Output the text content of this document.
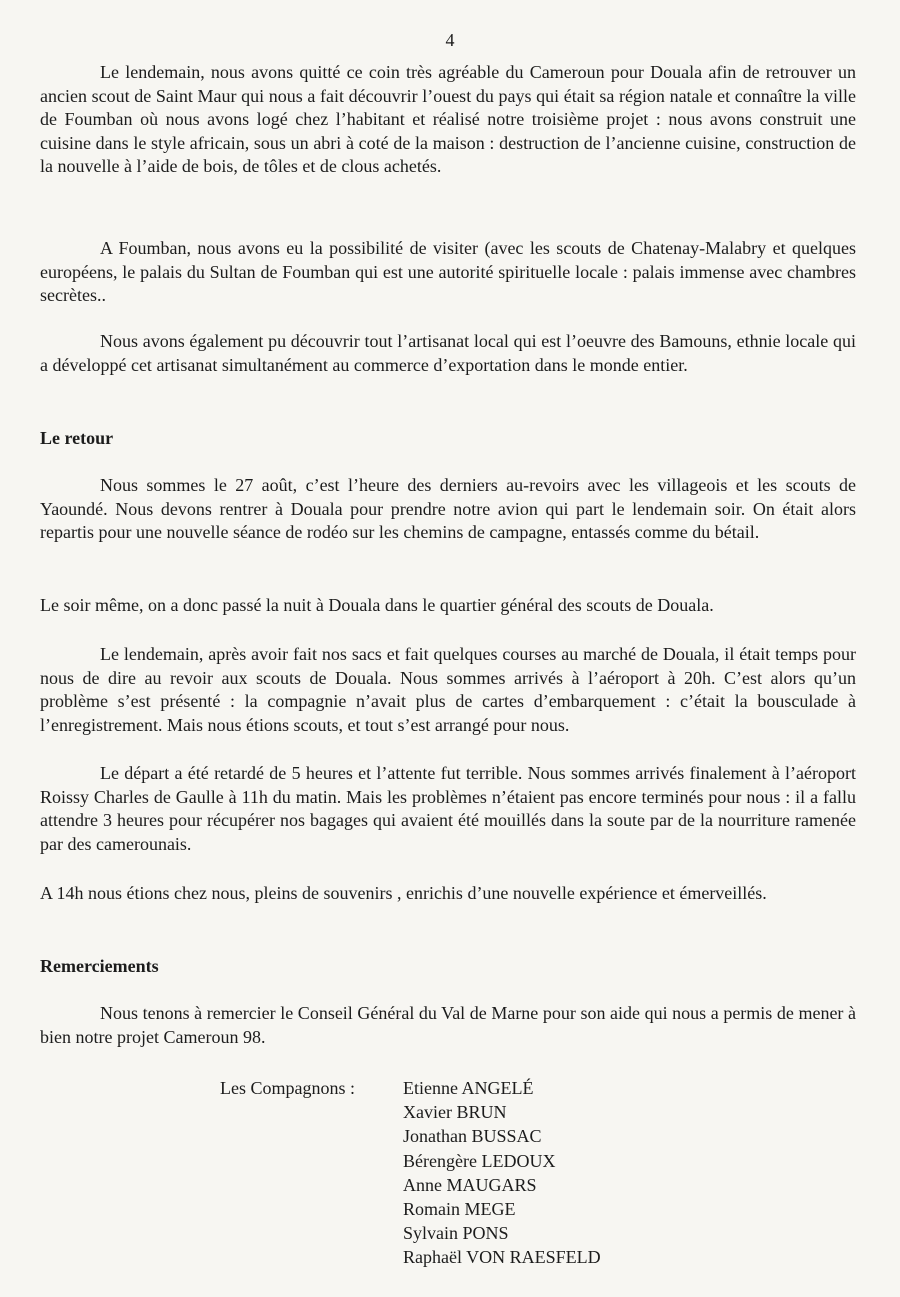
4

Le lendemain, nous avons quitté ce coin très agréable du Cameroun pour Douala afin de retrouver un ancien scout de Saint Maur qui nous a fait découvrir l’ouest du pays qui était sa région natale et connaître la ville de Foumban où nous avons logé chez l’habitant et réalisé notre troisième projet : nous avons construit une cuisine dans le style africain, sous un abri à coté de la maison : destruction de l’ancienne cuisine, construction de la nouvelle à l’aide de bois, de tôles et de clous achetés.

A Foumban, nous avons eu la possibilité de visiter (avec les scouts de Chatenay-Malabry et quelques européens, le palais du Sultan de Foumban qui est une autorité spirituelle locale : palais immense avec chambres secrètes..

Nous avons également pu découvrir tout l’artisanat local qui est l’oeuvre des Bamouns, ethnie locale qui a développé cet artisanat simultanément au commerce d’exportation dans le monde entier.

Le retour

Nous sommes le 27 août, c’est l’heure des derniers au-revoirs avec les villageois et les scouts de Yaoundé. Nous devons rentrer à Douala pour prendre notre avion qui part le lendemain soir. On était alors repartis pour une nouvelle séance de rodéo sur les chemins de campagne, entassés comme du bétail.

Le soir même, on a donc passé la nuit à Douala dans le quartier général des scouts de Douala.

Le lendemain, après avoir fait nos sacs et fait quelques courses au marché de Douala, il était temps pour nous de dire au revoir aux scouts de Douala. Nous sommes arrivés à l’aéroport à 20h. C’est alors qu’un problème s’est présenté : la compagnie n’avait plus de cartes d’embarquement : c’était la bousculade à l’enregistrement. Mais nous étions scouts, et tout s’est arrangé pour nous.

Le départ a été retardé de 5 heures et l’attente fut terrible. Nous sommes arrivés finalement à l’aéroport Roissy Charles de Gaulle à 11h du matin. Mais les problèmes n’étaient pas encore terminés pour nous : il a fallu attendre 3 heures pour récupérer nos bagages qui avaient été mouillés dans la soute par de la nourriture ramenée par des camerounais.

A 14h nous étions chez nous, pleins de souvenirs , enrichis d’une nouvelle expérience et émerveillés.

Remerciements

Nous tenons à remercier le Conseil Général du Val de Marne pour son aide qui nous a permis de mener à bien notre projet Cameroun 98.

Les Compagnons :	Etienne ANGELÉ
Xavier BRUN
Jonathan BUSSAC
Bérengère LEDOUX
Anne MAUGARS
Romain MEGE
Sylvain PONS
Raphaël VON RAESFELD
